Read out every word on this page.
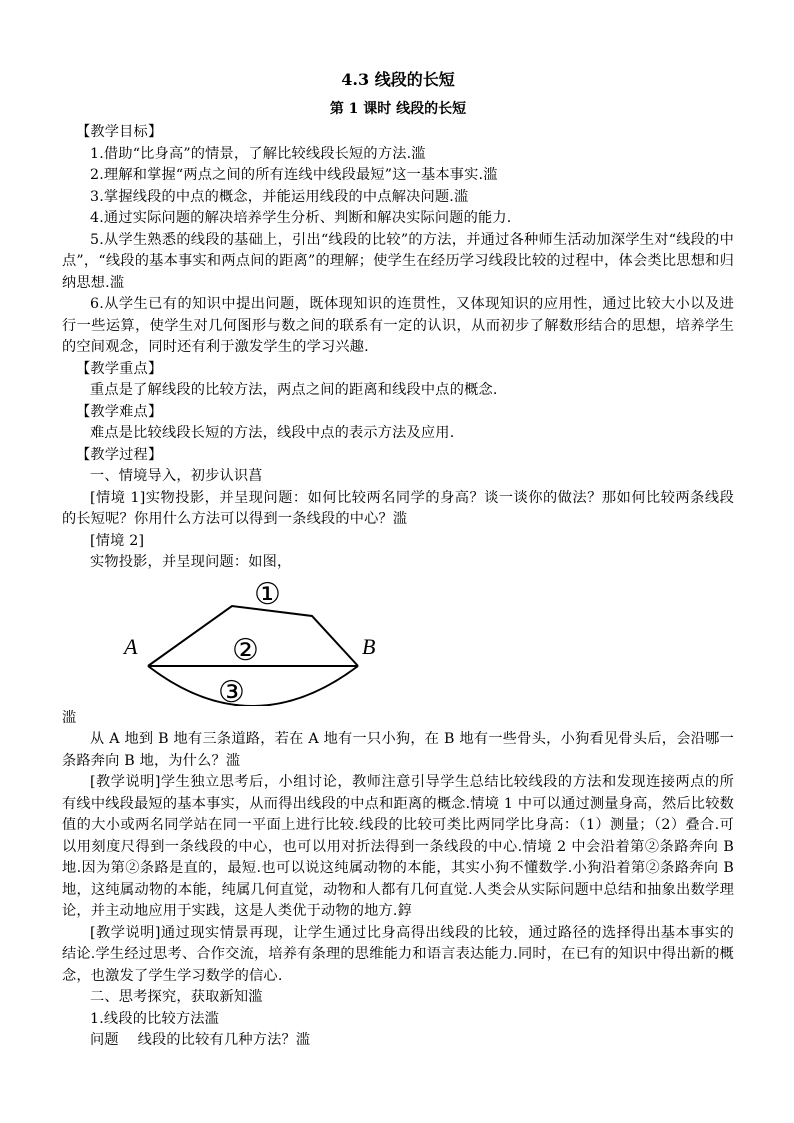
4.3 线段的长短
第 1 课时 线段的长短

【教学目标】

1.借助“比身高”的情景，了解比较线段长短的方法.滥

2.理解和掌握“两点之间的所有连线中线段最短”这一基本事实.滥

3.掌握线段的中点的概念，并能运用线段的中点解决问题.滥

4.通过实际问题的解决培养学生分析、判断和解决实际问题的能力.

5.从学生熟悉的线段的基础上，引出“线段的比较”的方法，并通过各种师生活动加深学生对“线段的中点”，“线段的基本事实和两点间的距离”的理解；使学生在经历学习线段比较的过程中，体会类比思想和归纳思想.滥

6.从学生已有的知识中提出问题，既体现知识的连贯性，又体现知识的应用性，通过比较大小以及进行一些运算，使学生对几何图形与数之间的联系有一定的认识，从而初步了解数形结合的思想，培养学生的空间观念，同时还有利于激发学生的学习兴趣.

【教学重点】

重点是了解线段的比较方法，两点之间的距离和线段中点的概念.

【教学难点】

难点是比较线段长短的方法，线段中点的表示方法及应用.

【教学过程】

一、情境导入，初步认识菖

[情境 1]实物投影，并呈现问题：如何比较两名同学的身高？谈一谈你的做法？那如何比较两条线段的长短呢？你用什么方法可以得到一条线段的中心？滥

[情境 2]

实物投影，并呈现问题：如图，

A	B
①
②
③

滥

从 A 地到 B 地有三条道路，若在 A 地有一只小狗，在 B 地有一些骨头，小狗看见骨头后，会沿哪一条路奔向 B 地，为什么？滥

[教学说明]学生独立思考后，小组讨论，教师注意引导学生总结比较线段的方法和发现连接两点的所有线中线段最短的基本事实，从而得出线段的中点和距离的概念.情境 1 中可以通过测量身高，然后比较数值的大小或两名同学站在同一平面上进行比较.线段的比较可类比两同学比身高：（1）测量；（2）叠合.可以用刻度尺得到一条线段的中心，也可以用对折法得到一条线段的中心.情境 2 中会沿着第②条路奔向 B 地.因为第②条路是直的，最短.也可以说这纯属动物的本能，其实小狗不懂数学.小狗沿着第②条路奔向 B 地，这纯属动物的本能，纯属几何直觉，动物和人都有几何直觉.人类会从实际问题中总结和抽象出数学理论，并主动地应用于实践，这是人类优于动物的地方.錞

[教学说明]通过现实情景再现，让学生通过比身高得出线段的比较，通过路径的选择得出基本事实的结论.学生经过思考、合作交流，培养有条理的思维能力和语言表达能力.同时，在已有的知识中得出新的概念，也激发了学生学习数学的信心.

二、思考探究，获取新知滥

1.线段的比较方法滥

问题    线段的比较有几种方法？滥
